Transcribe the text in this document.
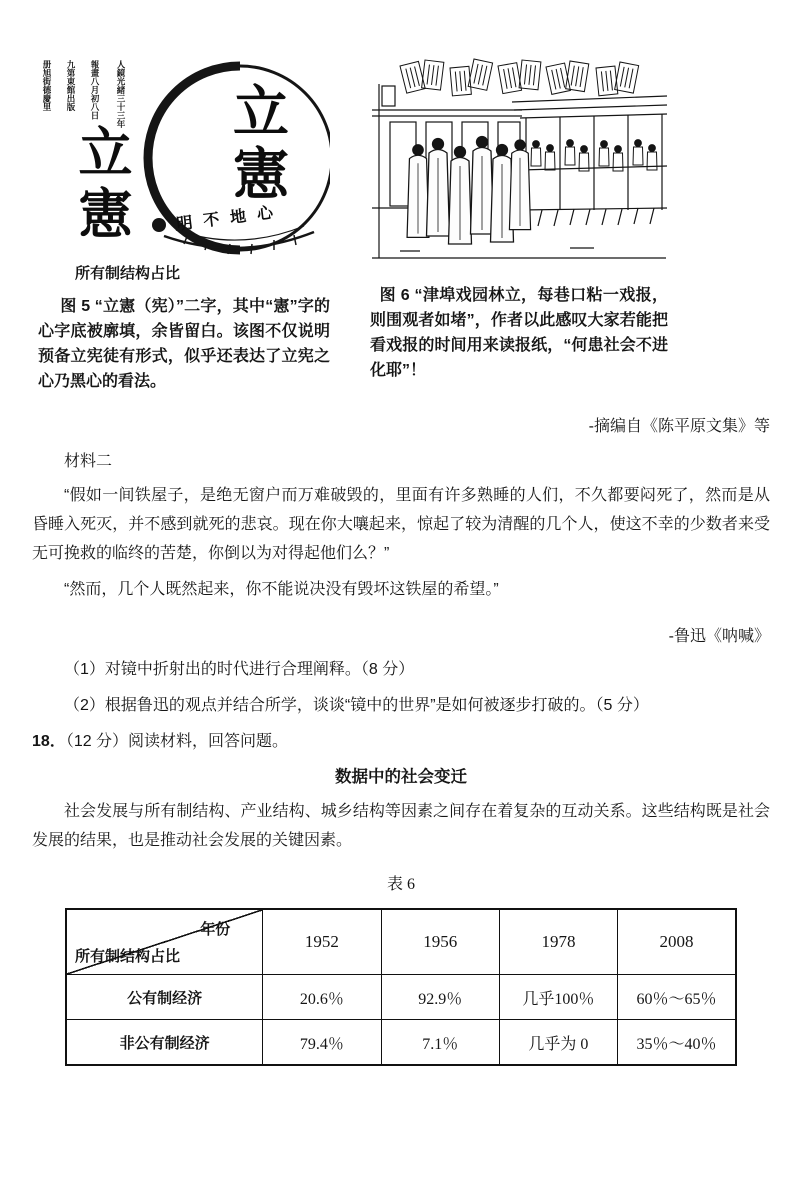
册旭街德慶里 九第東館出版 報畫八月初八日 人鏡光緒三十三年
立憲 立憲
明不地心
所有制结构占比
图 5 “立憲（宪）”二字，其中“憲”字的心字底被廓填，余皆留白。该图不仅说明预备立宪徒有形式，似乎还表达了立宪之心乃黑心的看法。
图 6 “津埠戏园林立，每巷口粘一戏报，则围观者如堵”，作者以此感叹大家若能把看戏报的时间用来读报纸，“何患社会不进化耶”！
-摘编自《陈平原文集》等
材料二

“假如一间铁屋子，是绝无窗户而万难破毁的，里面有许多熟睡的人们，不久都要闷死了，然而是从昏睡入死灭，并不感到就死的悲哀。现在你大嚷起来，惊起了较为清醒的几个人，使这不幸的少数者来受无可挽救的临终的苦楚，你倒以为对得起他们么？”

“然而，几个人既然起来，你不能说决没有毁坏这铁屋的希望。”

-鲁迅《呐喊》

（1）对镜中折射出的时代进行合理阐释。（8 分）

（2）根据鲁迅的观点并结合所学，谈谈“镜中的世界”是如何被逐步打破的。（5 分）

18．（12 分）阅读材料，回答问题。

数据中的社会变迁

社会发展与所有制结构、产业结构、城乡结构等因素之间存在着复杂的互动关系。这些结构既是社会发展的结果，也是推动社会发展的关键因素。

表 6
年份
所有制结构占比	1952	1956	1978	2008
公有制经济	20.6％	92.9％	几乎100％	60％～65％
非公有制经济	79.4％	7.1％	几乎为 0	35％～40％
